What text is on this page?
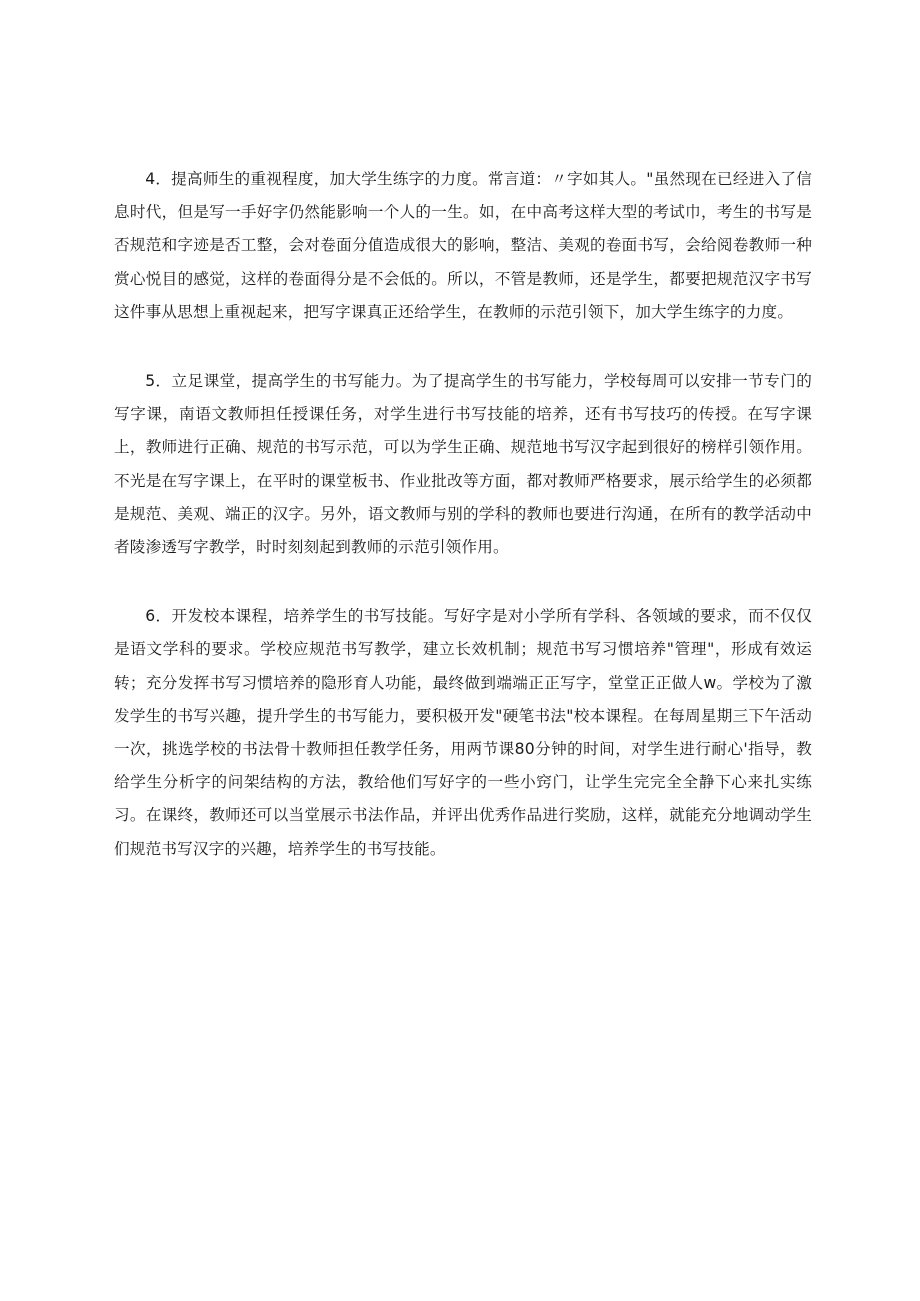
4．提高师生的重视程度，加大学生练字的力度。常言道：〃字如其人。"虽然现在已经进入了信息时代，但是写一手好字仍然能影响一个人的一生。如，在中高考这样大型的考试巾，考生的书写是否规范和字迹是否工整，会对卷面分值造成很大的影响，整洁、美观的卷面书写，会给阅卷教师一种赏心悦目的感觉，这样的卷面得分是不会低的。所以，不管是教师，还是学生，都要把规范汉字书写这件事从思想上重视起来，把写字课真正还给学生，在教师的示范引领下，加大学生练字的力度。

5．立足课堂，提高学生的书写能力。为了提高学生的书写能力，学校每周可以安排一节专门的写字课，南语文教师担任授课任务，对学生进行书写技能的培养，还有书写技巧的传授。在写字课上，教师进行正确、规范的书写示范，可以为学生正确、规范地书写汉字起到很好的榜样引领作用。不光是在写字课上，在平时的课堂板书、作业批改等方面，都对教师严格要求，展示给学生的必须都是规范、美观、端正的汉字。另外，语文教师与别的学科的教师也要进行沟通，在所有的教学活动中者陵渗透写字教学，时时刻刻起到教师的示范引领作用。

6．开发校本课程，培养学生的书写技能。写好字是对小学所有学科、各领域的要求，而不仅仅是语文学科的要求。学校应规范书写教学，建立长效机制；规范书写习惯培养"管理"，形成有效运转；充分发挥书写习惯培养的隐形育人功能，最终做到端端正正写字，堂堂正正做人w。学校为了激发学生的书写兴趣，提升学生的书写能力，要积极开发"硬笔书法"校本课程。在每周星期三下午活动一次，挑选学校的书法骨十教师担任教学任务，用两节课80分钟的时间，对学生进行耐心'指导，教给学生分析字的问架结构的方法，教给他们写好字的一些小窍门，让学生完完全全静下心来扎实练习。在课终，教师还可以当堂展示书法作品，并评出优秀作品进行奖励，这样，就能充分地调动学生们规范书写汉字的兴趣，培养学生的书写技能。
